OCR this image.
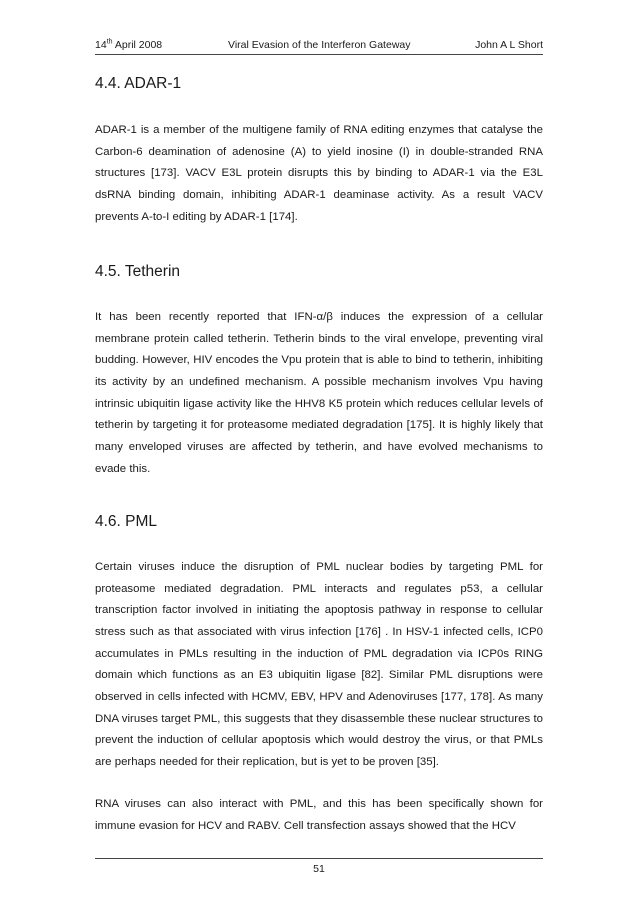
14th April 2008	Viral Evasion of the Interferon Gateway	John A L Short
4.4. ADAR-1

ADAR-1 is a member of the multigene family of RNA editing enzymes that catalyse the Carbon-6 deamination of adenosine (A) to yield inosine (I) in double-stranded RNA structures [173]. VACV E3L protein disrupts this by binding to ADAR-1 via the E3L dsRNA binding domain, inhibiting ADAR-1 deaminase activity. As a result VACV prevents A-to-I editing by ADAR-1 [174].

4.5. Tetherin

It has been recently reported that IFN-α/β induces the expression of a cellular membrane protein called tetherin. Tetherin binds to the viral envelope, preventing viral budding. However, HIV encodes the Vpu protein that is able to bind to tetherin, inhibiting its activity by an undefined mechanism. A possible mechanism involves Vpu having intrinsic ubiquitin ligase activity like the HHV8 K5 protein which reduces cellular levels of tetherin by targeting it for proteasome mediated degradation [175]. It is highly likely that many enveloped viruses are affected by tetherin, and have evolved mechanisms to evade this.

4.6. PML

Certain viruses induce the disruption of PML nuclear bodies by targeting PML for proteasome mediated degradation. PML interacts and regulates p53, a cellular transcription factor involved in initiating the apoptosis pathway in response to cellular stress such as that associated with virus infection [176] . In HSV-1 infected cells, ICP0 accumulates in PMLs resulting in the induction of PML degradation via ICP0s RING domain which functions as an E3 ubiquitin ligase [82]. Similar PML disruptions were observed in cells infected with HCMV, EBV, HPV and Adenoviruses [177, 178]. As many DNA viruses target PML, this suggests that they disassemble these nuclear structures to prevent the induction of cellular apoptosis which would destroy the virus, or that PMLs are perhaps needed for their replication, but is yet to be proven [35].

RNA viruses can also interact with PML, and this has been specifically shown for immune evasion for HCV and RABV. Cell transfection assays showed that the HCV

51
